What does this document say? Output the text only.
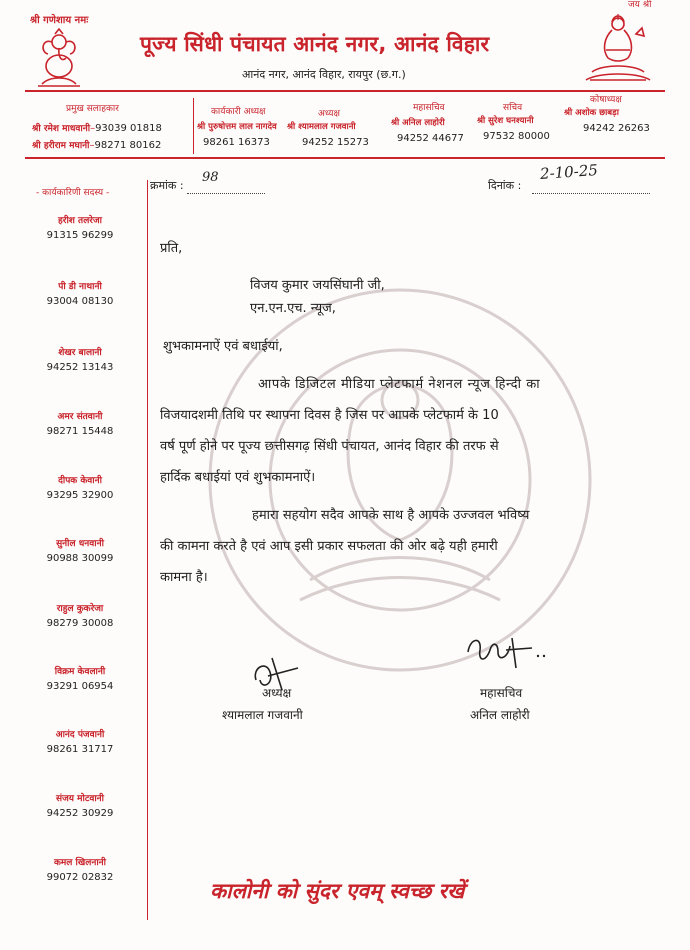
श्री गणेशाय नमः
जय श्री
पूज्य सिंधी पंचायत आनंद नगर, आनंद विहार
आनंद नगर, आनंद विहार, रायपुर (छ.ग.)
प्रमुख सलाहकार
श्री रमेश माधवानी–93039 01818
श्री हरीराम मघानी–98271 80162
कार्यकारी अध्यक्ष
श्री पुरुषोत्तम लाल नागदेव
98261 16373
अध्यक्ष
श्री श्यामलाल गजवानी
94252 15273
महासचिव
श्री अनिल लाहोरी
94252 44677
सचिव
श्री सुरेश घनश्यानी
97532 80000
कोषाध्यक्ष
श्री अशोक छाबड़ा
94242 26263
- कार्यकारिणी सदस्य -
हरीश तलरेजा
91315 96299
पी डी नाथानी
93004 08130
शेखर बालानी
94252 13143
अमर संतवानी
98271 15448
दीपक केवानी
93295 32900
सुनील धनवानी
90988 30099
राहुल कुकरेजा
98279 30008
विक्रम केवलानी
93291 06954
आनंद पंजवानी
98261 31717
संजय मोटवानी
94252 30929
कमल खिलनानी
99072 02832
क्रमांक :
98
दिनांक :
2-10-25
प्रति,
विजय कुमार जयसिंघानी जी,
एन.एन.एच. न्यूज,
शुभकामनाऐं एवं बधाईयां,
आपके डिजिटल मीडिया प्लेटफार्म नेशनल न्यूज हिन्दी का
विजयादशमी तिथि पर स्थापना दिवस है जिस पर आपके प्लेटफार्म के 10
वर्ष पूर्ण होने पर पूज्य छत्तीसगढ़ सिंधी पंचायत, आनंद विहार की तरफ से
हार्दिक बधाईयां एवं शुभकामनाऐं।
हमारा सहयोग सदैव आपके साथ है आपके उज्जवल भविष्य
की कामना करते है एवं आप इसी प्रकार सफलता की ओर बढ़े यही हमारी
कामना है।
अध्यक्ष
श्यामलाल गजवानी
महासचिव
अनिल लाहोरी
कालोनी को सुंदर एवम् स्वच्छ रखें
